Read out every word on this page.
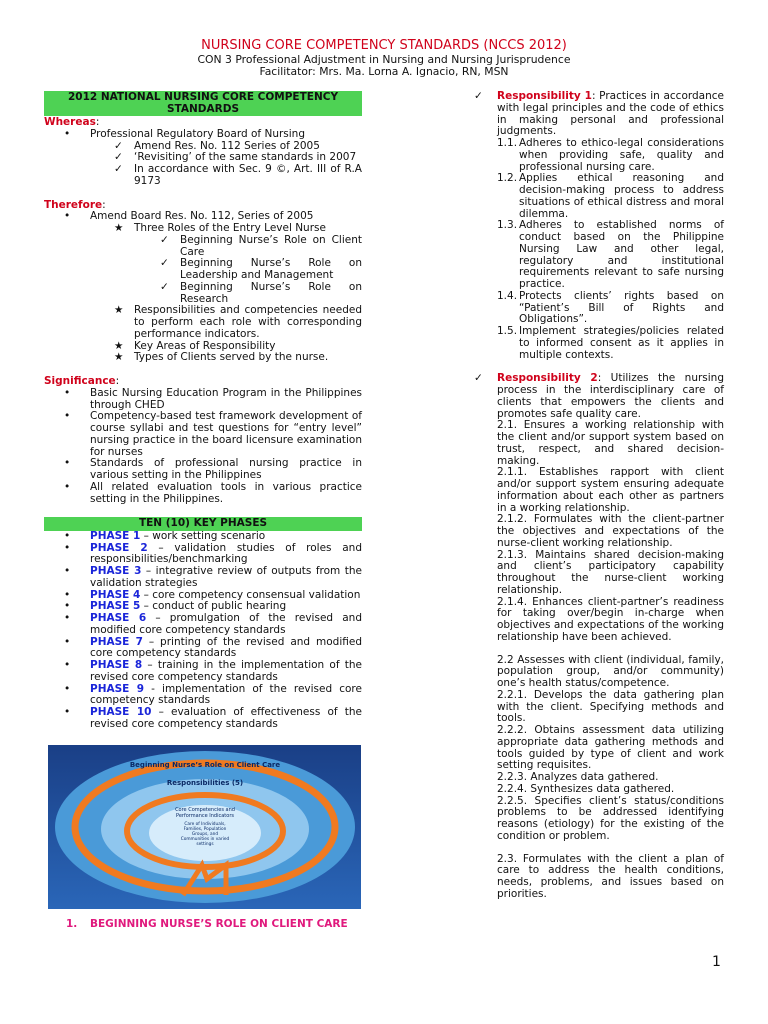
NURSING CORE COMPETENCY STANDARDS (NCCS 2012)
CON 3 Professional Adjustment in Nursing and Nursing Jurisprudence
Facilitator: Mrs. Ma. Lorna A. Ignacio, RN, MSN
2012 NATIONAL NURSING CORE COMPETENCY STANDARDS
Whereas:
• Professional Regulatory Board of Nursing
✓ Amend Res. No. 112 Series of 2005
✓ ‘Revisiting’ of the same standards in 2007
✓ In accordance with Sec. 9 ©, Art. III of R.A 9173
Therefore:
• Amend Board Res. No. 112, Series of 2005
★ Three Roles of the Entry Level Nurse
✓ Beginning Nurse’s Role on Client Care
✓ Beginning Nurse’s Role on Leadership and Management
✓ Beginning Nurse’s Role on Research
★ Responsibilities and competencies needed to perform each role with corresponding performance indicators.
★ Key Areas of Responsibility
★ Types of Clients served by the nurse.
Significance:
• Basic Nursing Education Program in the Philippines through CHED
• Competency-based test framework development of course syllabi and test questions for “entry level” nursing practice in the board licensure examination for nurses
• Standards of professional nursing practice in various setting in the Philippines
• All related evaluation tools in various practice setting in the Philippines.
TEN (10) KEY PHASES
• PHASE 1 – work setting scenario
• PHASE 2 – validation studies of roles and responsibilities/benchmarking
• PHASE 3 – integrative review of outputs from the validation strategies
• PHASE 4 – core competency consensual validation
• PHASE 5 – conduct of public hearing
• PHASE 6 – promulgation of the revised and modified core competency standards
• PHASE 7 – printing of the revised and modified core competency standards
• PHASE 8 – training in the implementation of the revised core competency standards
• PHASE 9 - implementation of the revised core competency standards
• PHASE 10 – evaluation of effectiveness of the revised core competency standards
Beginning Nurse’s Role on Client Care
Responsibilities (5)
Core Competencies and
Performance Indicators
Care of Individuals,
Families, Population
Groups, and
Communities in varied
settings
1.	BEGINNING NURSE’S ROLE ON CLIENT CARE
✓ Responsibility 1: Practices in accordance with legal principles and the code of ethics in making personal and professional judgments.
1.1. Adheres to ethico-legal considerations when providing safe, quality and professional nursing care.
1.2. Applies ethical reasoning and decision-making process to address situations of ethical distress and moral dilemma.
1.3. Adheres to established norms of conduct based on the Philippine Nursing Law and other legal, regulatory and institutional requirements relevant to safe nursing practice.
1.4. Protects clients’ rights based on “Patient’s Bill of Rights and Obligations”.
1.5. Implement strategies/policies related to informed consent as it applies in multiple contexts.
✓ Responsibility 2: Utilizes the nursing process in the interdisciplinary care of clients that empowers the clients and promotes safe quality care.
2.1. Ensures a working relationship with the client and/or support system based on trust, respect, and shared decision-making.
2.1.1. Establishes rapport with client and/or support system ensuring adequate information about each other as partners in a working relationship.
2.1.2. Formulates with the client-partner the objectives and expectations of the nurse-client working relationship.
2.1.3. Maintains shared decision-making and client’s participatory capability throughout the nurse-client working relationship.
2.1.4. Enhances client-partner’s readiness for taking over/begin in-charge when objectives and expectations of the working relationship have been achieved.
2.2 Assesses with client (individual, family, population group, and/or community) one’s health status/competence.
2.2.1. Develops the data gathering plan with the client. Specifying methods and tools.
2.2.2. Obtains assessment data utilizing appropriate data gathering methods and tools guided by type of client and work setting requisites.
2.2.3. Analyzes data gathered.
2.2.4. Synthesizes data gathered.
2.2.5. Specifies client’s status/conditions problems to be addressed identifying reasons (etiology) for the existing of the condition or problem.
2.3. Formulates with the client a plan of care to address the health conditions, needs, problems, and issues based on priorities.
1
